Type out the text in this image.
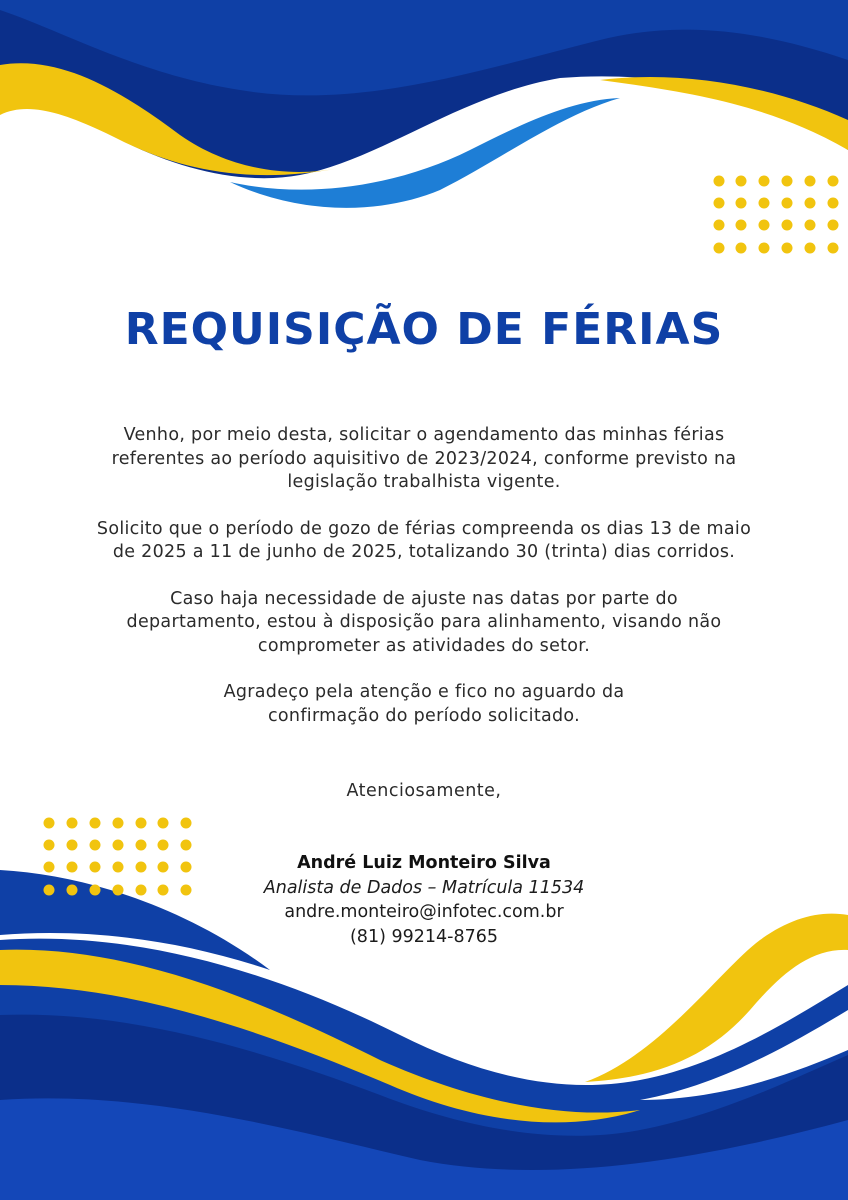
REQUISIÇÃO DE FÉRIAS

Venho, por meio desta, solicitar o agendamento das minhas férias
referentes ao período aquisitivo de 2023/2024, conforme previsto na
legislação trabalhista vigente.

Solicito que o período de gozo de férias compreenda os dias 13 de maio
de 2025 a 11 de junho de 2025, totalizando 30 (trinta) dias corridos.

Caso haja necessidade de ajuste nas datas por parte do
departamento, estou à disposição para alinhamento, visando não
comprometer as atividades do setor.

Agradeço pela atenção e fico no aguardo da
confirmação do período solicitado.

Atenciosamente,

André Luiz Monteiro Silva
Analista de Dados – Matrícula 11534
andre.monteiro@infotec.com.br
(81) 99214-8765
